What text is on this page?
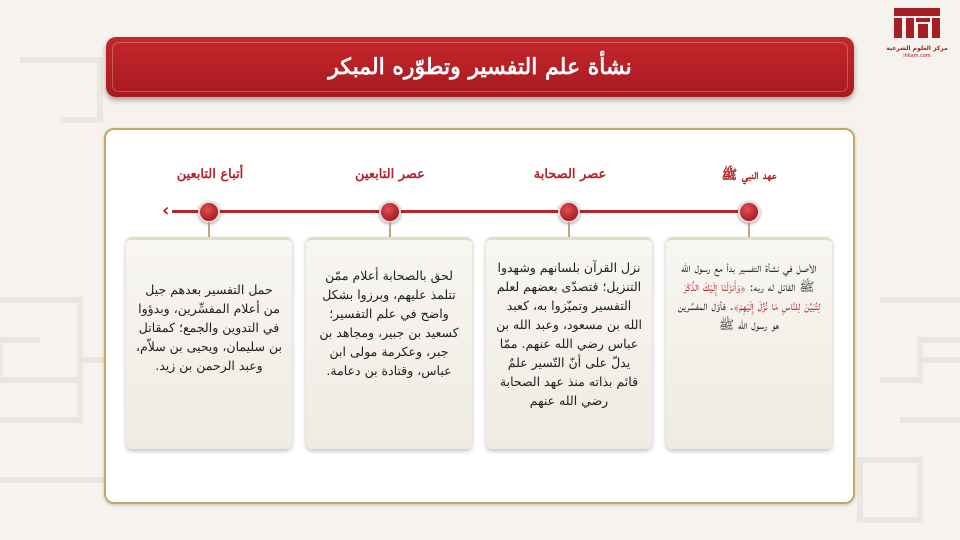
مركز العلوم الشرعية
ihkam.com
نشأة علم التفسير وتطوّره المبكر
عهد النبي ﷺ
عصر الصحابة
عصر التابعين
أتباع التابعين
‹
الأصل في نشأة التفسير بدأ مع رسول الله ﷺ القائل له ربه: ﴿وَأَنزَلْنَا إِلَيْكَ الذِّكْرَ لِتُبَيِّنَ لِلنَّاسِ مَا نُزِّلَ إِلَيْهِمْ﴾. فأوّل المفسِّرين هو رسول الله ﷺ
نزل القرآن بلسانهم وشهدوا التنزيل؛ فتصدّى بعضهم لعلم التفسير وتميّزوا به، كعبد الله بن مسعود، وعبد الله بن عباس رضي الله عنهم. ممّا يدلّ على أنّ التّسير علمٌ قائم بذاته منذ عهد الصحابة رضي الله عنهم
لحق بالصحابة أعلام ممّن تتلمذ عليهم، وبرزوا بشكل واضح في علم التفسير؛ كسعيد بن جبير، ومجاهد بن جبر، وعكرمة مولى ابن عباس، وقتادة بن دعامة.
حمل التفسير بعدهم جيل من أعلام المفسِّرين، وبدؤوا في التدوين والجمع؛ كمقاتل بن سليمان، ويحيى بن سلاّم، وعبد الرحمن بن زيد.
